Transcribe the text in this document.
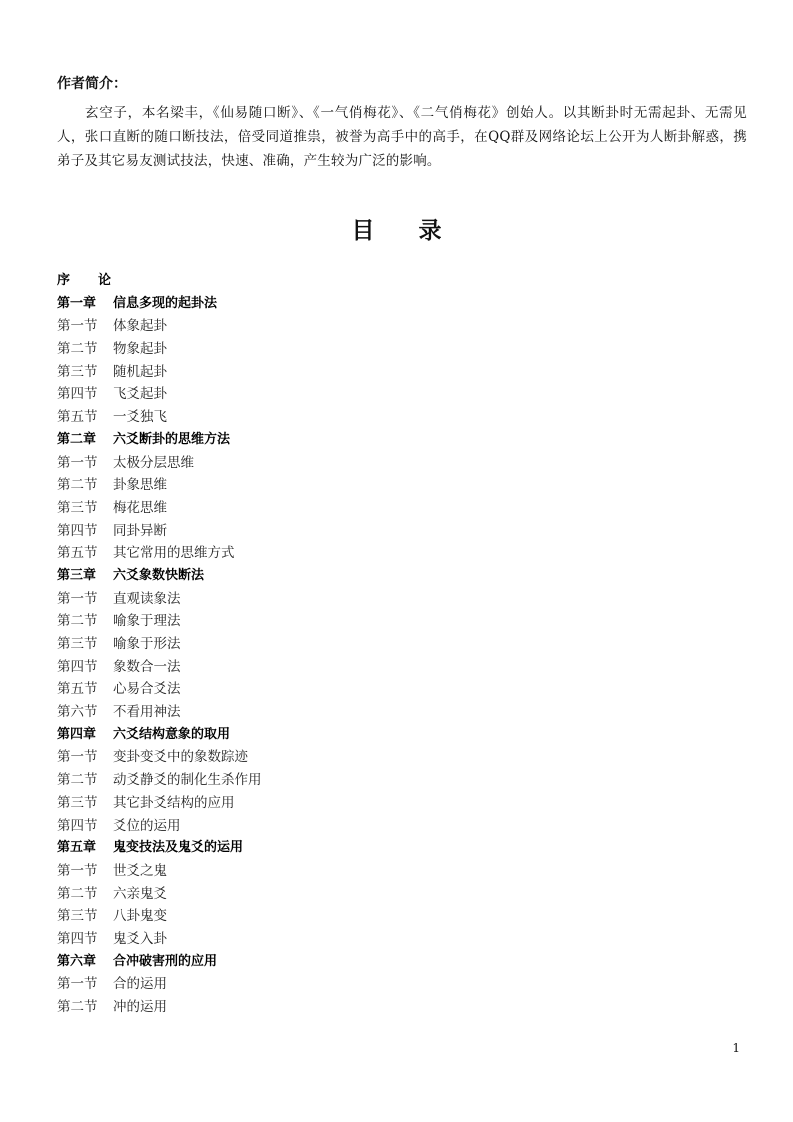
作者简介：

玄空子，本名梁丰，《仙易随口断》、《一气俏梅花》、《二气俏梅花》创始人。以其断卦时无需起卦、无需见人，张口直断的随口断技法，倍受同道推祟，被誉为高手中的高手，在QQ群及网络论坛上公开为人断卦解惑，携弟子及其它易友测试技法，快速、准确，产生较为广泛的影响。

目录
序论
第一章 信息多现的起卦法
第一节 体象起卦
第二节 物象起卦
第三节 随机起卦
第四节 飞爻起卦
第五节 一爻独飞
第二章 六爻断卦的思维方法
第一节 太极分层思维
第二节 卦象思维
第三节 梅花思维
第四节 同卦异断
第五节 其它常用的思维方式
第三章 六爻象数快断法
第一节 直观读象法
第二节 喻象于理法
第三节 喻象于形法
第四节 象数合一法
第五节 心易合爻法
第六节 不看用神法
第四章 六爻结构意象的取用
第一节 变卦变爻中的象数踪迹
第二节 动爻静爻的制化生杀作用
第三节 其它卦爻结构的应用
第四节 爻位的运用
第五章 鬼变技法及鬼爻的运用
第一节 世爻之鬼
第二节 六亲鬼爻
第三节 八卦鬼变
第四节 鬼爻入卦
第六章 合冲破害刑的应用
第一节 合的运用
第二节 冲的运用
1
